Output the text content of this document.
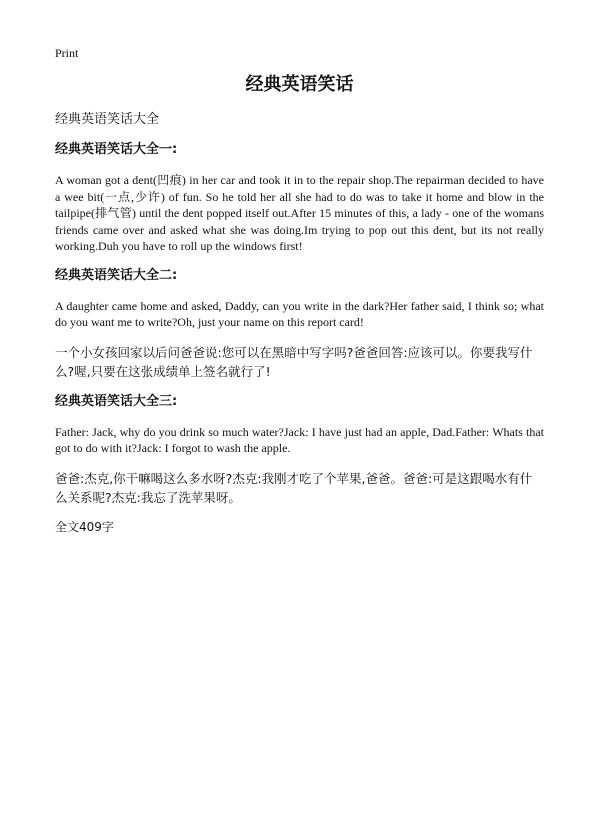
Print
经典英语笑话
经典英语笑话大全
经典英语笑话大全一:

A woman got a dent(凹痕) in her car and took it in to the repair shop.The repairman decided to have a wee bit(一点,少许) of fun. So he told her all she had to do was to take it home and blow in the tailpipe(排气管) until the dent popped itself out.After 15 minutes of this, a lady - one of the womans friends came over and asked what she was doing.Im trying to pop out this dent, but its not really working.Duh you have to roll up the windows first!

经典英语笑话大全二:

A daughter came home and asked, Daddy, can you write in the dark?Her father said, I think so; what do you want me to write?Oh, just your name on this report card!

一个小女孩回家以后问爸爸说:您可以在黑暗中写字吗?爸爸回答:应该可以。你要我写什么?喔,只要在这张成绩单上签名就行了!

经典英语笑话大全三:

Father: Jack, why do you drink so much water?Jack: I have just had an apple, Dad.Father: Whats that got to do with it?Jack: I forgot to wash the apple.

爸爸:杰克,你干嘛喝这么多水呀?杰克:我刚才吃了个苹果,爸爸。爸爸:可是这跟喝水有什么关系呢?杰克:我忘了洗苹果呀。

全文409字
